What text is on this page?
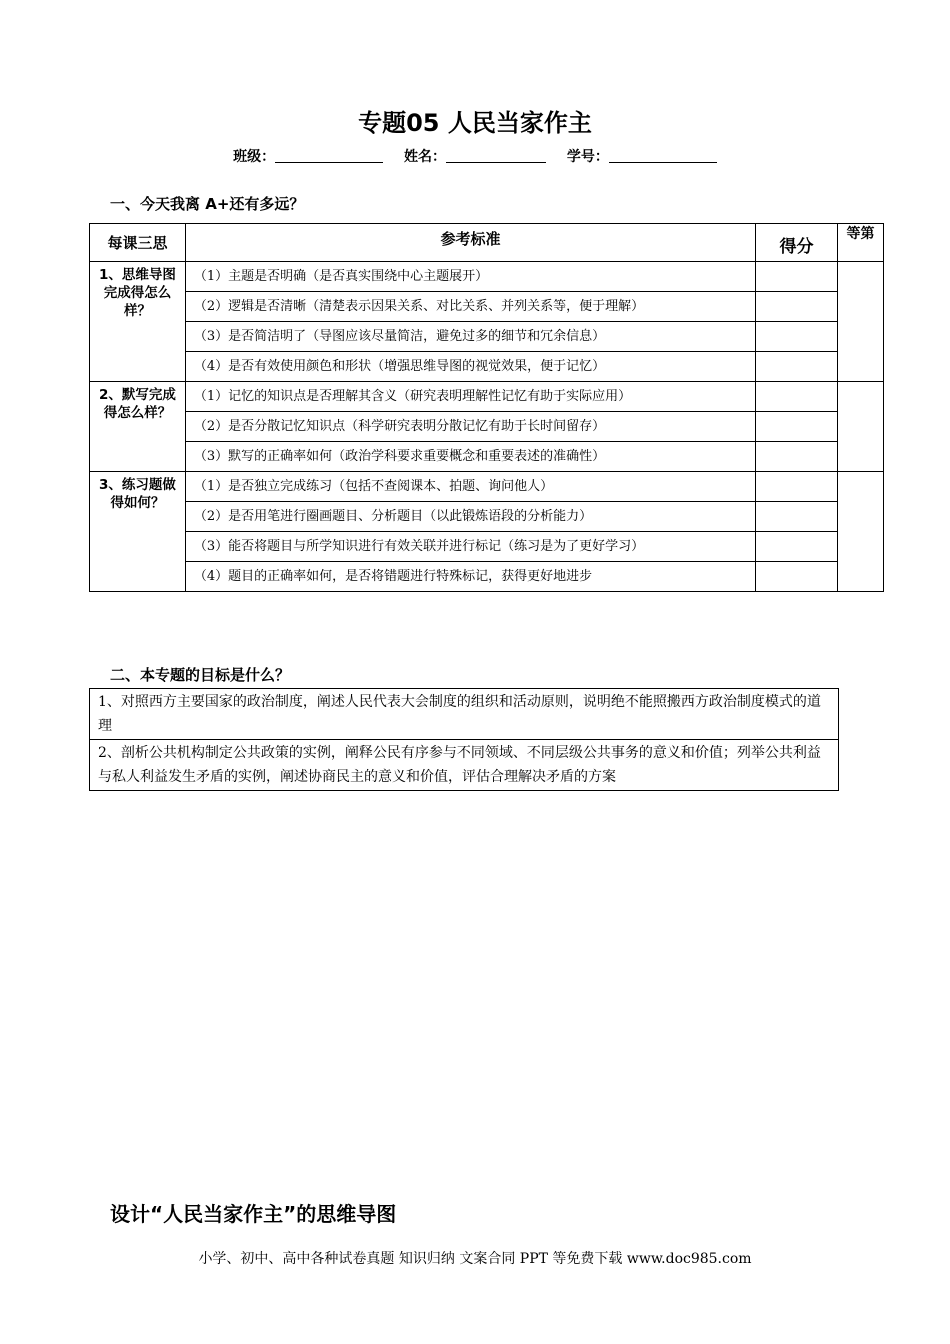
专题05 人民当家作主
班级：	姓名：	学号：
一、今天我离 A+还有多远？
每课三思	参考标准	得分	等第
1、思维导图完成得怎么样？	（1）主题是否明确（是否真实围绕中心主题展开）		
	（2）逻辑是否清晰（清楚表示因果关系、对比关系、并列关系等，便于理解）		
	（3）是否简洁明了（导图应该尽量简洁，避免过多的细节和冗余信息）		
	（4）是否有效使用颜色和形状（增强思维导图的视觉效果，便于记忆）		
2、默写完成得怎么样？	（1）记忆的知识点是否理解其含义（研究表明理解性记忆有助于实际应用）		
	（2）是否分散记忆知识点（科学研究表明分散记忆有助于长时间留存）		
	（3）默写的正确率如何（政治学科要求重要概念和重要表述的准确性）		
3、练习题做得如何？	（1）是否独立完成练习（包括不查阅课本、拍题、询问他人）		
	（2）是否用笔进行圈画题目、分析题目（以此锻炼语段的分析能力）		
	（3）能否将题目与所学知识进行有效关联并进行标记（练习是为了更好学习）		
	（4）题目的正确率如何，是否将错题进行特殊标记，获得更好地进步		
二、本专题的目标是什么？
1、对照西方主要国家的政治制度，阐述人民代表大会制度的组织和活动原则，说明绝不能照搬西方政治制度模式的道理
2、剖析公共机构制定公共政策的实例，阐释公民有序参与不同领域、不同层级公共事务的意义和价值；列举公共利益与私人利益发生矛盾的实例，阐述协商民主的意义和价值，评估合理解决矛盾的方案
设计“人民当家作主”的思维导图
小学、初中、高中各种试卷真题 知识归纳 文案合同 PPT 等免费下载 www.doc985.com
